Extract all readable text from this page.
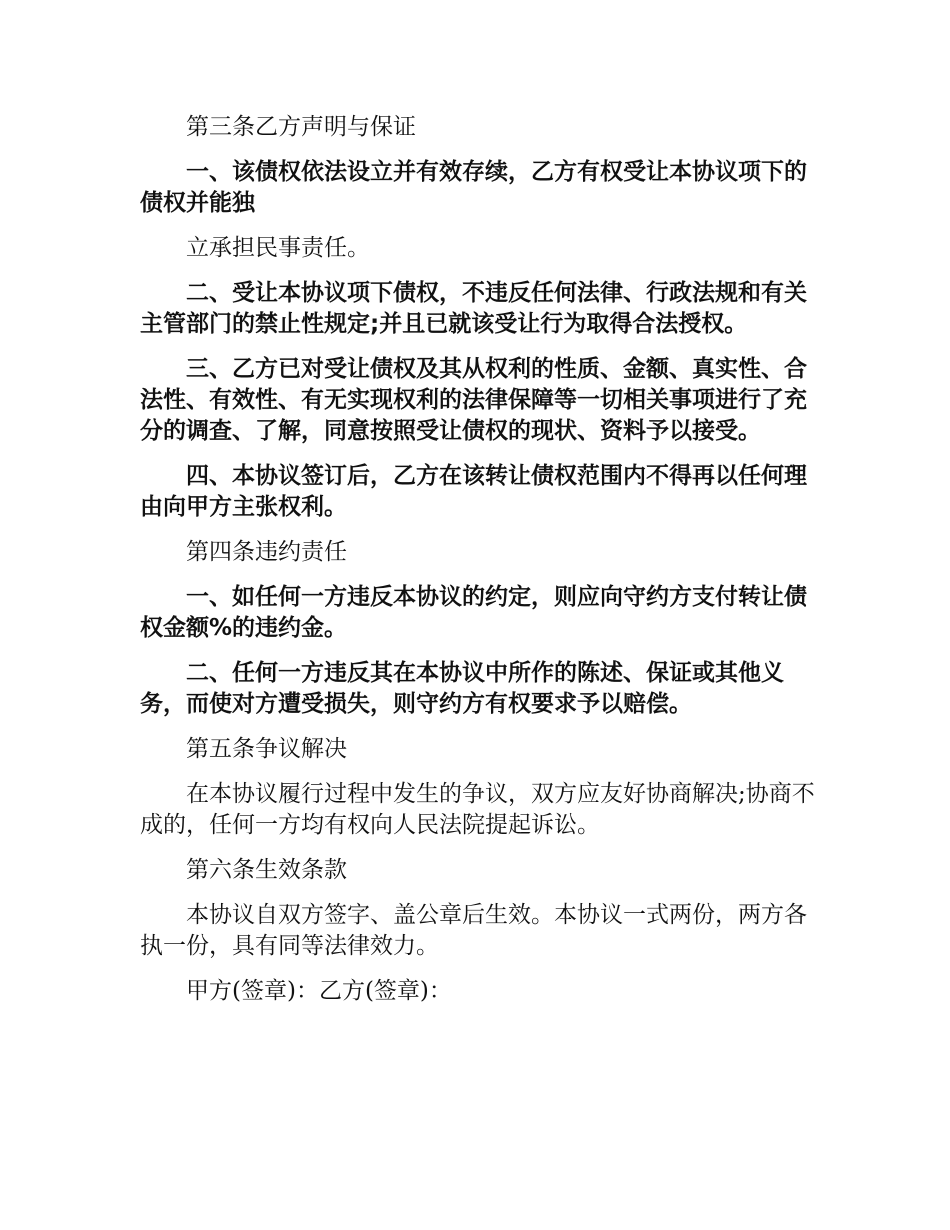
第三条乙方声明与保证

一、该债权依法设立并有效存续，乙方有权受让本协议项下的债权并能独

立承担民事责任。

二、受让本协议项下债权，不违反任何法律、行政法规和有关主管部门的禁止性规定;并且已就该受让行为取得合法授权。

三、乙方已对受让债权及其从权利的性质、金额、真实性、合法性、有效性、有无实现权利的法律保障等一切相关事项进行了充分的调查、了解，同意按照受让债权的现状、资料予以接受。

四、本协议签订后，乙方在该转让债权范围内不得再以任何理由向甲方主张权利。

第四条违约责任

一、如任何一方违反本协议的约定，则应向守约方支付转让债权金额%的违约金。

二、任何一方违反其在本协议中所作的陈述、保证或其他义务，而使对方遭受损失，则守约方有权要求予以赔偿。

第五条争议解决

在本协议履行过程中发生的争议，双方应友好协商解决;协商不成的，任何一方均有权向人民法院提起诉讼。

第六条生效条款

本协议自双方签字、盖公章后生效。本协议一式两份，两方各执一份，具有同等法律效力。

甲方(签章)：乙方(签章)：
